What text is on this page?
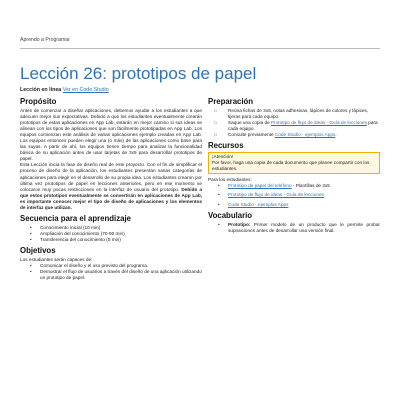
Aprendo a Programar
Lección 26: prototipos de papel
Lección en línea Ver en Code Studio
Propósito

Antes de comenzar a diseñar aplicaciones, debemos ayudar a los estudiantes a que adecuen mejor sus expectativas. Debido a que los estudiantes eventualmente crearán prototipos de estas aplicaciones en App Lab, estarán en mejor camino si sus ideas se alinean con los tipos de aplicaciones que son fácilmente prototipadas en App Lab. Los equipos comienzan este análisis de varias aplicaciones ejemplo creadas en App Lab. Los equipos entonces pueden elegir una (o más) de las aplicaciones como base para las suyas. A partir de ahí, los equipos tienen tiempo para analizar la funcionalidad básica de su aplicación antes de usar tarjetas de 3x5 para desarrollar prototipos de papel.

Esta Lección inicia la fase de diseño real de este proyecto. Con el fin de simplificar el proceso de diseño de la aplicación, los estudiantes presentan varias categorías de aplicaciones para elegir en el desarrollo de su propia idea. Los estudiantes crearon por última vez prototipos de papel en lecciones anteriores, pero en ese momento se colocaron muy pocas restricciones en la interfaz de usuario del prototipo. Debido a que estos prototipos eventualmente se convertirán en aplicaciones de App Lab, es importante conocer mejor el tipo de diseño de aplicaciones y los elementos de interfaz que utilizan.

Secuencia para el aprendizaje
• Conocimiento inicial (10 min)
• Ampliación del conocimiento (70-90 min)
• Transferencia del conocimiento (5 min)
Objetivos

Los estudiantes serán capaces de:

• Comunicar el diseño y el uso previsto del programa.
• Demostrar el flujo de usuarios a través del diseño de una aplicación utilizando un prototipo de papel.
Preparación
□ Reúna fichas de 3x5, notas adhesivas, lápices de colores y lápices, tijeras para cada equipo.
□ Saque una copia de Prototipo de flujo de ideas - Guía de lecciones para cada equipo.
□ Consulte previamente Code Studio - ejemplos Apps.
Recursos
¡Atención!
Por favor, haga una copia de cada documento que planee compartir con los estudiantes.

Para los estudiantes:

• Prototipo de papel del teléfono - Plantillas de 3x5
• Prototipo de flujo de ideas - Guía de lecciones
• Code Studio - ejemplos Apps
Vocabulario
• Prototipo: Primer modelo de un producto que le permite probar suposiciones antes de desarrollar una versión final.
